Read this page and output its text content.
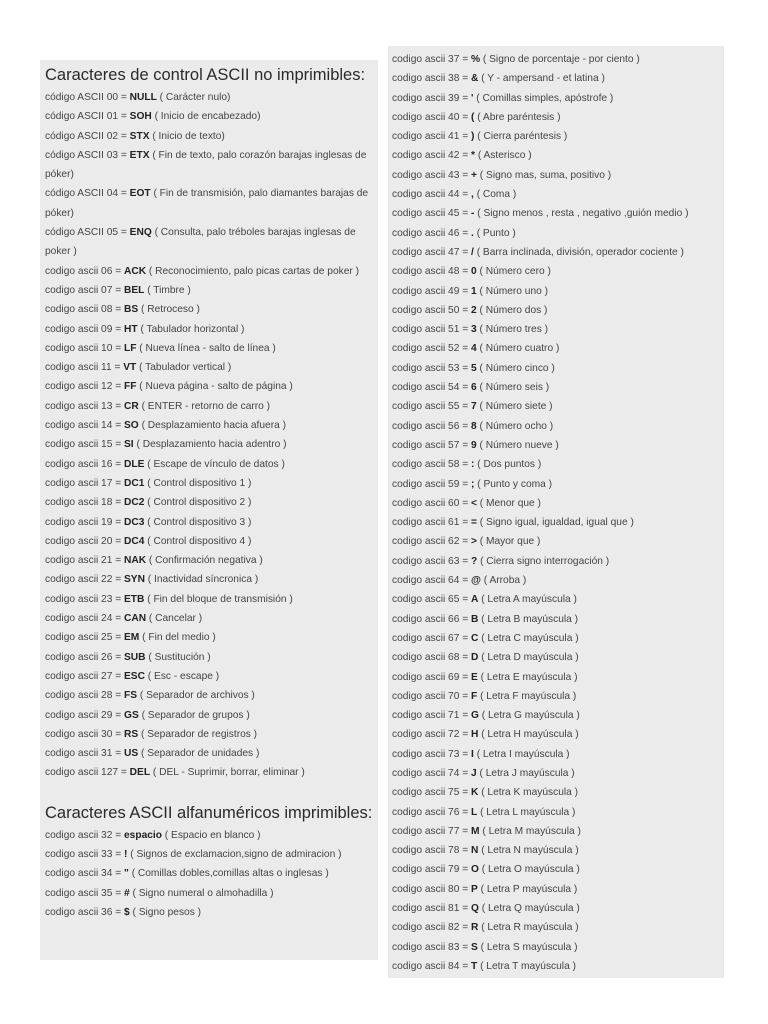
Caracteres de control ASCII no imprimibles:
código ASCII 00 = NULL ( Carácter nulo)
código ASCII 01 = SOH ( Inicio de encabezado)
código ASCII 02 = STX ( Inicio de texto)
código ASCII 03 = ETX ( Fin de texto, palo corazón barajas inglesas de póker)
código ASCII 04 = EOT ( Fin de transmisión, palo diamantes barajas de póker)
código ASCII 05 = ENQ ( Consulta, palo tréboles barajas inglesas de poker )
codigo ascii 06 = ACK ( Reconocimiento, palo picas cartas de poker )
codigo ascii 07 = BEL ( Timbre )
codigo ascii 08 = BS ( Retroceso )
codigo ascii 09 = HT ( Tabulador horizontal )
codigo ascii 10 = LF ( Nueva línea - salto de línea )
codigo ascii 11 = VT ( Tabulador vertical )
codigo ascii 12 = FF ( Nueva página - salto de página )
codigo ascii 13 = CR ( ENTER - retorno de carro )
codigo ascii 14 = SO ( Desplazamiento hacia afuera )
codigo ascii 15 = SI ( Desplazamiento hacia adentro )
codigo ascii 16 = DLE ( Escape de vínculo de datos )
codigo ascii 17 = DC1 ( Control dispositivo 1 )
codigo ascii 18 = DC2 ( Control dispositivo 2 )
codigo ascii 19 = DC3 ( Control dispositivo 3 )
codigo ascii 20 = DC4 ( Control dispositivo 4 )
codigo ascii 21 = NAK ( Confirmación negativa )
codigo ascii 22 = SYN ( Inactividad síncronica )
codigo ascii 23 = ETB ( Fin del bloque de transmisión )
codigo ascii 24 = CAN ( Cancelar )
codigo ascii 25 = EM ( Fin del medio )
codigo ascii 26 = SUB ( Sustitución )
codigo ascii 27 = ESC ( Esc - escape )
codigo ascii 28 = FS ( Separador de archivos )
codigo ascii 29 = GS ( Separador de grupos )
codigo ascii 30 = RS ( Separador de registros )
codigo ascii 31 = US ( Separador de unidades )
codigo ascii 127 = DEL ( DEL - Suprimir, borrar, eliminar )
Caracteres ASCII alfanuméricos imprimibles:
codigo ascii 32 = espacio ( Espacio en blanco )
codigo ascii 33 = ! ( Signos de exclamacion,signo de admiracion )
codigo ascii 34 = " ( Comillas dobles,comillas altas o inglesas )
codigo ascii 35 = # ( Signo numeral o almohadilla )
codigo ascii 36 = $ ( Signo pesos )
codigo ascii 37 = % ( Signo de porcentaje - por ciento )
codigo ascii 38 = & ( Y - ampersand - et latina )
codigo ascii 39 = ' ( Comillas simples, apóstrofe )
codigo ascii 40 = ( ( Abre paréntesis )
codigo ascii 41 = ) ( Cierra paréntesis )
codigo ascii 42 = * ( Asterisco )
codigo ascii 43 = + ( Signo mas, suma, positivo )
codigo ascii 44 = , ( Coma )
codigo ascii 45 = - ( Signo menos , resta , negativo ,guión medio )
codigo ascii 46 = . ( Punto )
codigo ascii 47 = / ( Barra inclinada, división, operador cociente )
codigo ascii 48 = 0 ( Número cero )
codigo ascii 49 = 1 ( Número uno )
codigo ascii 50 = 2 ( Número dos )
codigo ascii 51 = 3 ( Número tres )
codigo ascii 52 = 4 ( Número cuatro )
codigo ascii 53 = 5 ( Número cinco )
codigo ascii 54 = 6 ( Número seis )
codigo ascii 55 = 7 ( Número siete )
codigo ascii 56 = 8 ( Número ocho )
codigo ascii 57 = 9 ( Número nueve )
codigo ascii 58 = : ( Dos puntos )
codigo ascii 59 = ; ( Punto y coma )
codigo ascii 60 = < ( Menor que )
codigo ascii 61 = = ( Signo igual, igualdad, igual que )
codigo ascii 62 = > ( Mayor que )
codigo ascii 63 = ? ( Cierra signo interrogación )
codigo ascii 64 = @ ( Arroba )
codigo ascii 65 = A ( Letra A mayúscula )
codigo ascii 66 = B ( Letra B mayúscula )
codigo ascii 67 = C ( Letra C mayúscula )
codigo ascii 68 = D ( Letra D mayúscula )
codigo ascii 69 = E ( Letra E mayúscula )
codigo ascii 70 = F ( Letra F mayúscula )
codigo ascii 71 = G ( Letra G mayúscula )
codigo ascii 72 = H ( Letra H mayúscula )
codigo ascii 73 = I ( Letra I mayúscula )
codigo ascii 74 = J ( Letra J mayúscula )
codigo ascii 75 = K ( Letra K mayúscula )
codigo ascii 76 = L ( Letra L mayúscula )
codigo ascii 77 = M ( Letra M mayúscula )
codigo ascii 78 = N ( Letra N mayúscula )
codigo ascii 79 = O ( Letra O mayúscula )
codigo ascii 80 = P ( Letra P mayúscula )
codigo ascii 81 = Q ( Letra Q mayúscula )
codigo ascii 82 = R ( Letra R mayúscula )
codigo ascii 83 = S ( Letra S mayúscula )
codigo ascii 84 = T ( Letra T mayúscula )
